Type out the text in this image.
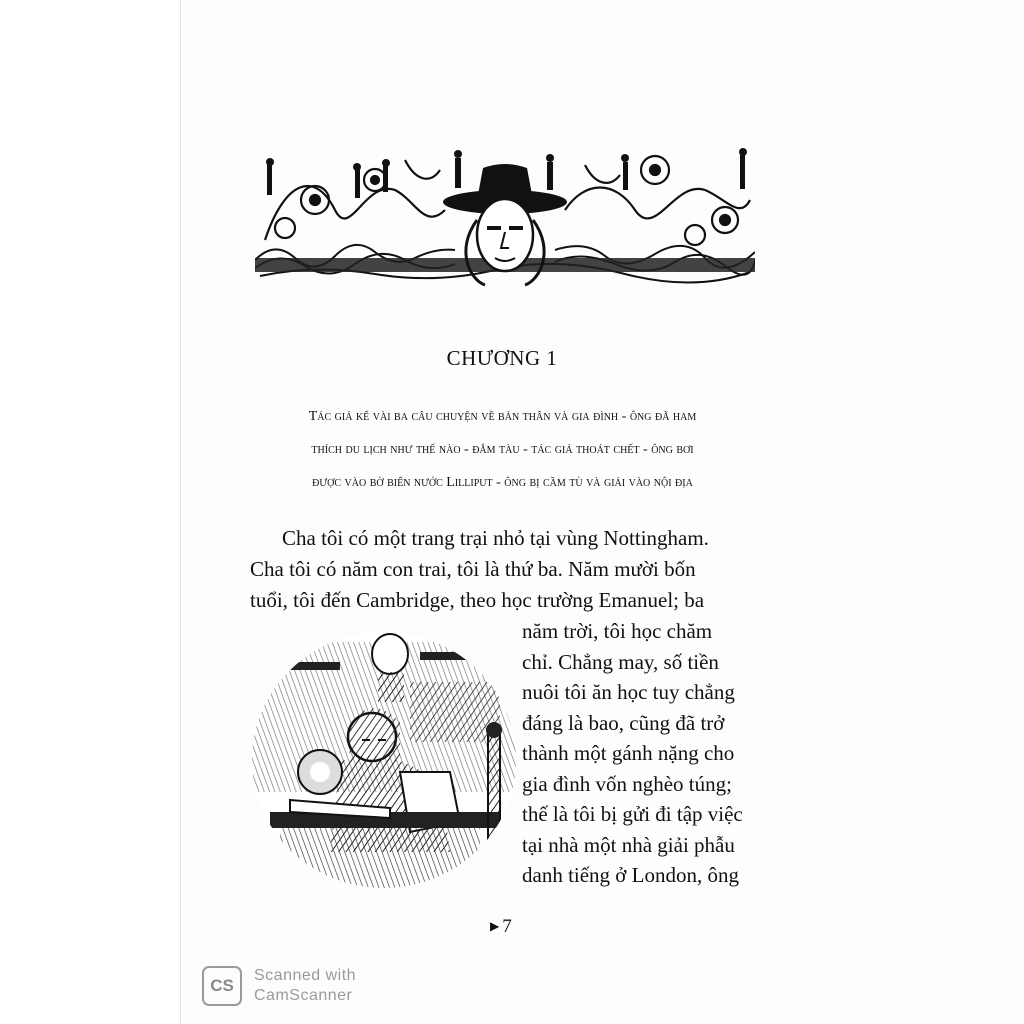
CHƯƠNG 1
Tác giả kể vài ba câu chuyện về bản thân và gia đình - ông đã ham
thích du lịch như thế nào - đắm tàu - tác giả thoát chết - ông bơi
được vào bờ biển nước Lilliput - ông bị cầm tù và giải vào nội địa
Cha tôi có một trang trại nhỏ tại vùng Nottingham.
Cha tôi có năm con trai, tôi là thứ ba. Năm mười bốn
tuổi, tôi đến Cambridge, theo học trường Emanuel; ba
năm trời, tôi học chăm
chỉ. Chẳng may, số tiền
nuôi tôi ăn học tuy chẳng
đáng là bao, cũng đã trở
thành một gánh nặng cho
gia đình vốn nghèo túng;
thế là tôi bị gửi đi tập việc
tại nhà một nhà giải phẫu
danh tiếng ở London, ông
▶ 7
CS
Scanned with
CamScanner
